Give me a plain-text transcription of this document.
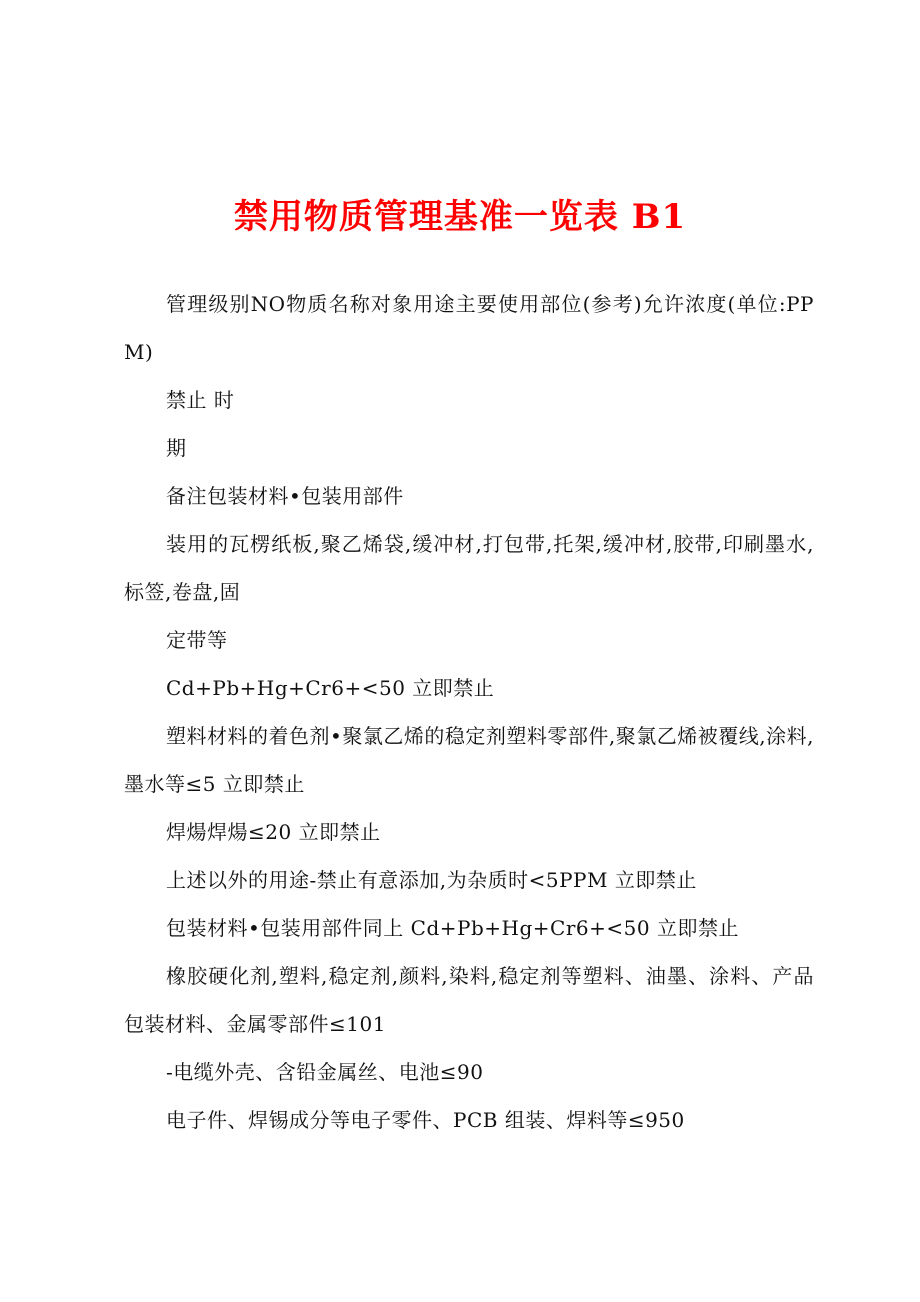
禁用物质管理基准一览表 B1

管理级别NO物质名称对象用途主要使用部位(参考)允许浓度(单位:PPM)

禁止 时

期

备注包装材料•包装用部件

装用的瓦楞纸板,聚乙烯袋,缓冲材,打包带,托架,缓冲材,胶带,印刷墨水,标签,卷盘,固

定带等

Cd+Pb+Hg+Cr6+<50 立即禁止

塑料材料的着色剂•聚氯乙烯的稳定剂塑料零部件,聚氯乙烯被覆线,涂料,墨水等≤5 立即禁止

焊煬焊煬≤20 立即禁止

上述以外的用途-禁止有意添加,为杂质时<5PPM 立即禁止

包装材料•包装用部件同上 Cd+Pb+Hg+Cr6+<50 立即禁止

橡胶硬化剂,塑料,稳定剂,颜料,染料,稳定剂等塑料、油墨、涂料、产品包装材料、金属零部件≤101

-电缆外壳、含铅金属丝、电池≤90

电子件、焊锡成分等电子零件、PCB 组装、焊料等≤950
